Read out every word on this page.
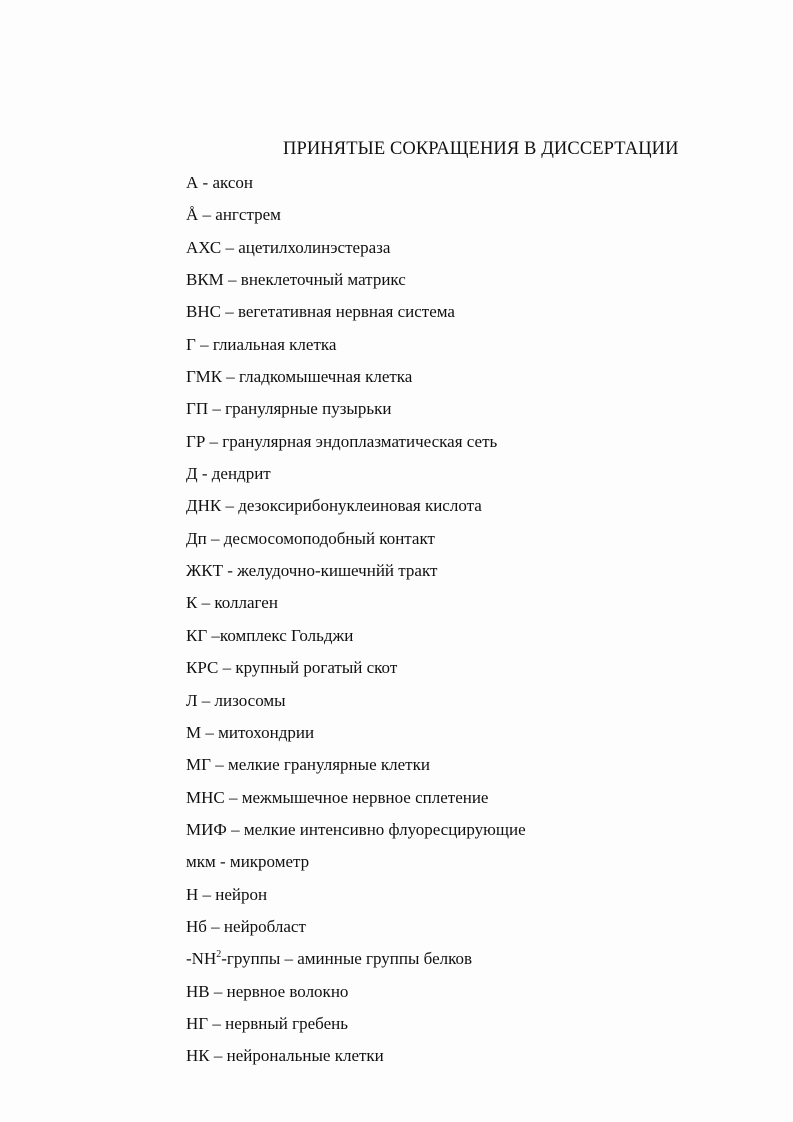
ПРИНЯТЫЕ СОКРАЩЕНИЯ В ДИССЕРТАЦИИ
А - аксон
Å – ангстрем
АХС – ацетилхолинэстераза
ВКМ – внеклеточный матрикс
ВНС – вегетативная нервная система
Г – глиальная клетка
ГМК – гладкомышечная клетка
ГП – гранулярные пузырьки
ГР – гранулярная эндоплазматическая сеть
Д - дендрит
ДНК – дезоксирибонуклеиновая кислота
Дп – десмосомоподобный контакт
ЖКТ - желудочно-кишечнйй тракт
К – коллаген
КГ –комплекс Гольджи
КРС – крупный рогатый скот
Л – лизосомы
М – митохондрии
МГ – мелкие гранулярные клетки
МНС – межмышечное нервное сплетение
МИФ – мелкие интенсивно флуоресцирующие
мкм - микрометр
Н – нейрон
Нб – нейробласт
$-NH^2$-группы – аминные группы белков
НВ – нервное волокно
НГ – нервный гребень
НК – нейрональные клетки
